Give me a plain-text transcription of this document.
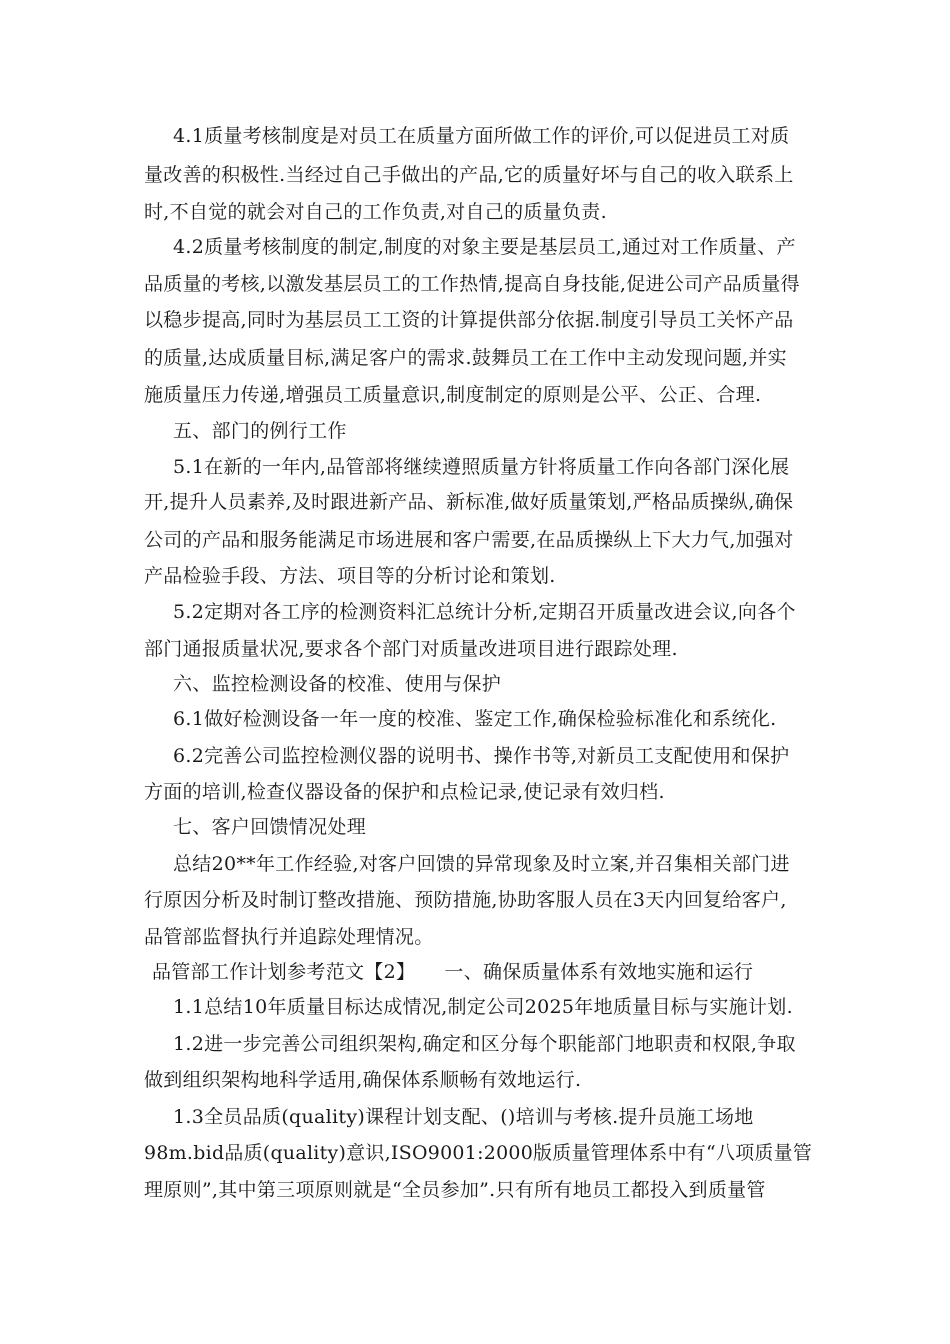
4.1质量考核制度是对员工在质量方面所做工作的评价,可以促进员工对质
量改善的积极性.当经过自己手做出的产品,它的质量好坏与自己的收入联系上
时,不自觉的就会对自己的工作负责,对自己的质量负责.
4.2质量考核制度的制定,制度的对象主要是基层员工,通过对工作质量、产
品质量的考核,以激发基层员工的工作热情,提高自身技能,促进公司产品质量得
以稳步提高,同时为基层员工工资的计算提供部分依据.制度引导员工关怀产品
的质量,达成质量目标,满足客户的需求.鼓舞员工在工作中主动发现问题,并实
施质量压力传递,增强员工质量意识,制度制定的原则是公平、公正、合理.
五、部门的例行工作
5.1在新的一年内,品管部将继续遵照质量方针将质量工作向各部门深化展
开,提升人员素养,及时跟进新产品、新标准,做好质量策划,严格品质操纵,确保
公司的产品和服务能满足市场进展和客户需要,在品质操纵上下大力气,加强对
产品检验手段、方法、项目等的分析讨论和策划.
5.2定期对各工序的检测资料汇总统计分析,定期召开质量改进会议,向各个
部门通报质量状况,要求各个部门对质量改进项目进行跟踪处理.
六、监控检测设备的校准、使用与保护
6.1做好检测设备一年一度的校准、鉴定工作,确保检验标准化和系统化.
6.2完善公司监控检测仪器的说明书、操作书等,对新员工支配使用和保护
方面的培训,检查仪器设备的保护和点检记录,使记录有效归档.
七、客户回馈情况处理
总结20**年工作经验,对客户回馈的异常现象及时立案,并召集相关部门进
行原因分析及时制订整改措施、预防措施,协助客服人员在3天内回复给客户,
品管部监督执行并追踪处理情况。
品管部工作计划参考范文【2】　　一、确保质量体系有效地实施和运行
1.1总结10年质量目标达成情况,制定公司2025年地质量目标与实施计划.
1.2进一步完善公司组织架构,确定和区分每个职能部门地职责和权限,争取
做到组织架构地科学适用,确保体系顺畅有效地运行.
1.3全员品质(quality)课程计划支配、()培训与考核.提升员施工场地
98m.bid品质(quality)意识,ISO9001:2000版质量管理体系中有“八项质量管
理原则”,其中第三项原则就是“全员参加”.只有所有地员工都投入到质量管
